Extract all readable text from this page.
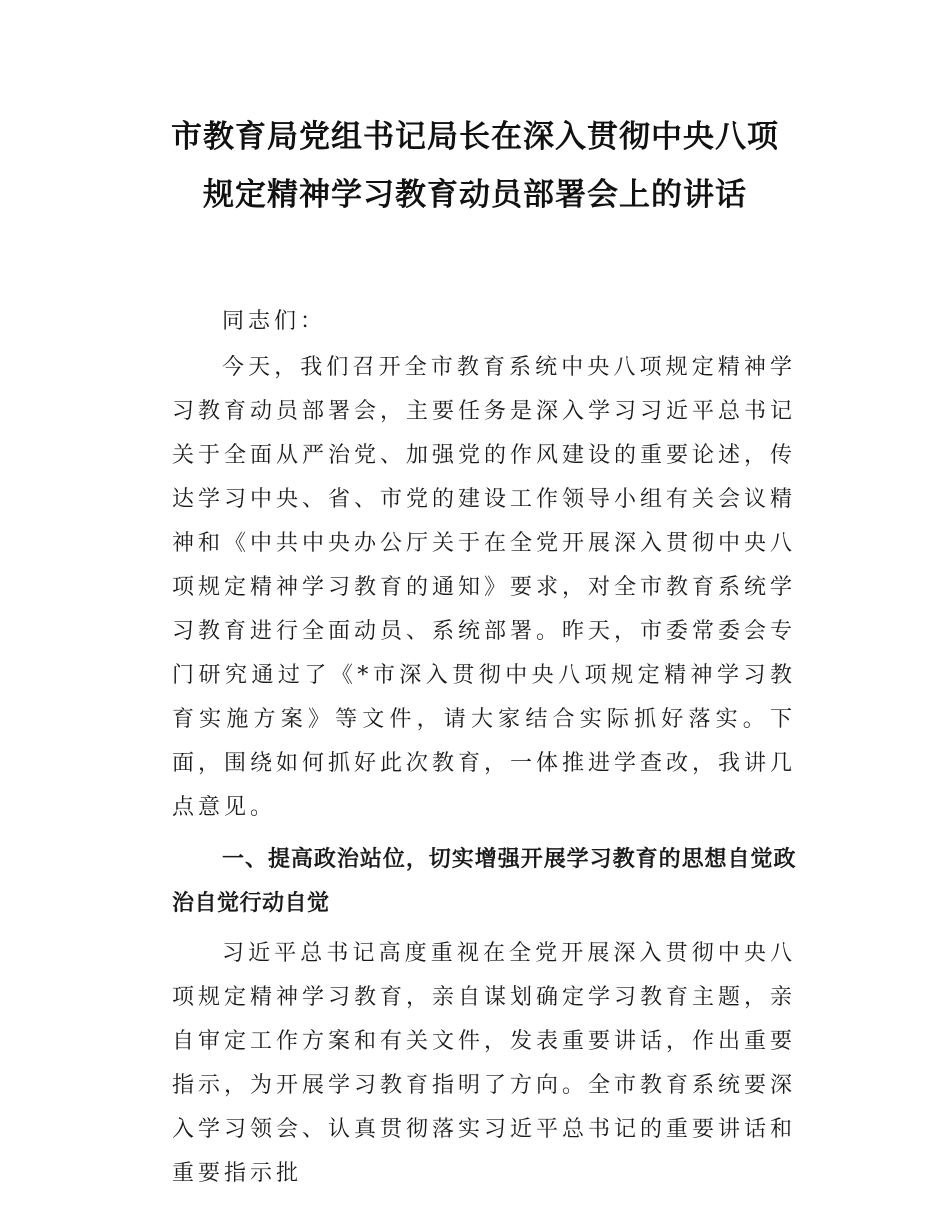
市教育局党组书记局长在深入贯彻中央八项
规定精神学习教育动员部署会上的讲话

同志们：

今天，我们召开全市教育系统中央八项规定精神学习教育动员部署会，主要任务是深入学习习近平总书记关于全面从严治党、加强党的作风建设的重要论述，传达学习中央、省、市党的建设工作领导小组有关会议精神和《中共中央办公厅关于在全党开展深入贯彻中央八项规定精神学习教育的通知》要求，对全市教育系统学习教育进行全面动员、系统部署。昨天，市委常委会专门研究通过了《*市深入贯彻中央八项规定精神学习教育实施方案》等文件，请大家结合实际抓好落实。下面，围绕如何抓好此次教育，一体推进学查改，我讲几点意见。

一、提高政治站位，切实增强开展学习教育的思想自觉政治自觉行动自觉

习近平总书记高度重视在全党开展深入贯彻中央八项规定精神学习教育，亲自谋划确定学习教育主题，亲自审定工作方案和有关文件，发表重要讲话，作出重要指示，为开展学习教育指明了方向。全市教育系统要深入学习领会、认真贯彻落实习近平总书记的重要讲话和重要指示批
